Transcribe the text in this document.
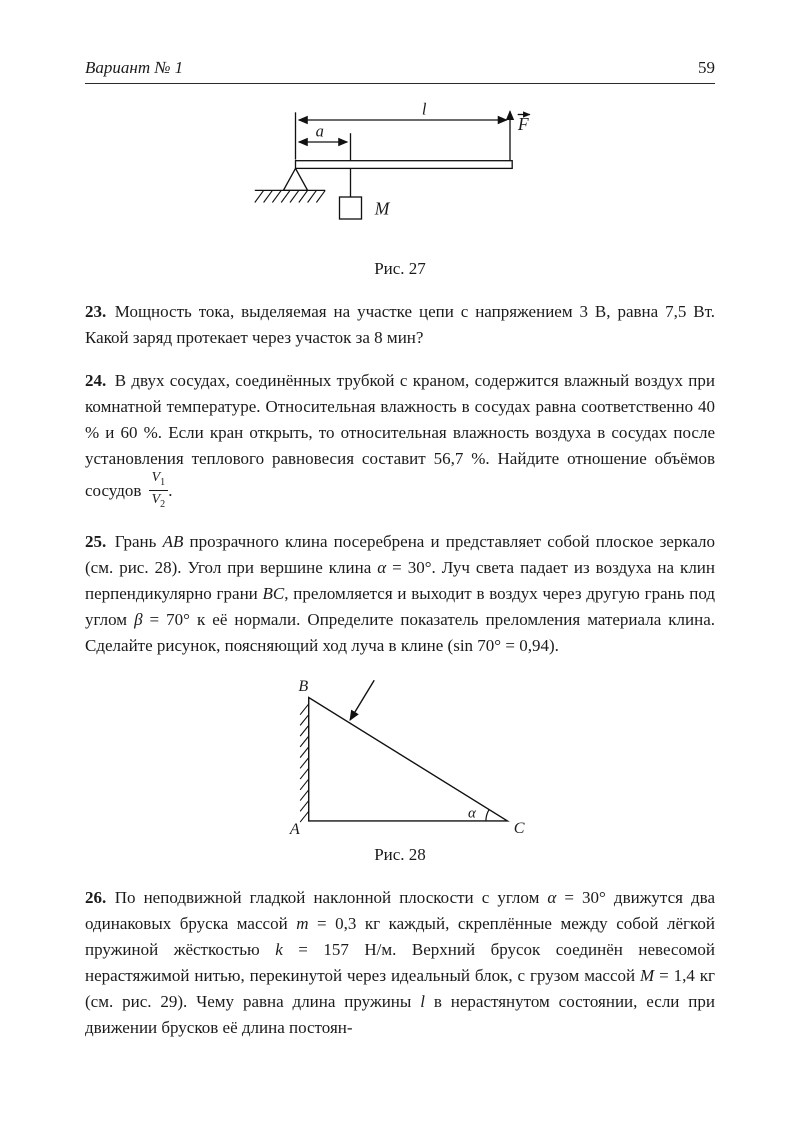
Вариант № 1	59
a
l
F
M
Рис. 27

23.  Мощность тока, выделяемая на участке цепи с напряжением 3 В, равна 7,5 Вт. Какой заряд протекает через участок за 8 мин?

24.  В двух сосудах, соединённых трубкой с краном, содержится влажный воздух при комнатной температуре. Относительная влажность в сосудах равна соответственно 40 % и 60 %. Если кран открыть, то относительная влажность воздуха в сосудах после установления теплового равновесия составит 56,7 %. Найдите отношение объёмов сосудов $\frac{V_1}{V_2}$ .

25.  Грань AB прозрачного клина посеребрена и представляет собой плоское зеркало (см. рис. 28). Угол при вершине клина α = 30°. Луч света падает из воздуха на клин перпендикулярно грани BC, преломляется и выходит в воздух через другую грань под углом β = 70° к её нормали. Определите показатель преломления материала клина. Сделайте рисунок, поясняющий ход луча в клине (sin 70° = 0,94).

B
A	C
α
Рис. 28

26.  По неподвижной гладкой наклонной плоскости с углом α = 30° движутся два одинаковых бруска массой m = 0,3 кг каждый, скреплённые между собой лёгкой пружиной жёсткостью k = 157 Н/м. Верхний брусок соединён невесомой нерастяжимой нитью, перекинутой через идеальный блок, с грузом массой M = 1,4 кг (см. рис. 29). Чему равна длина пружины l в нерастянутом состоянии, если при движении брусков её длина постоян-
